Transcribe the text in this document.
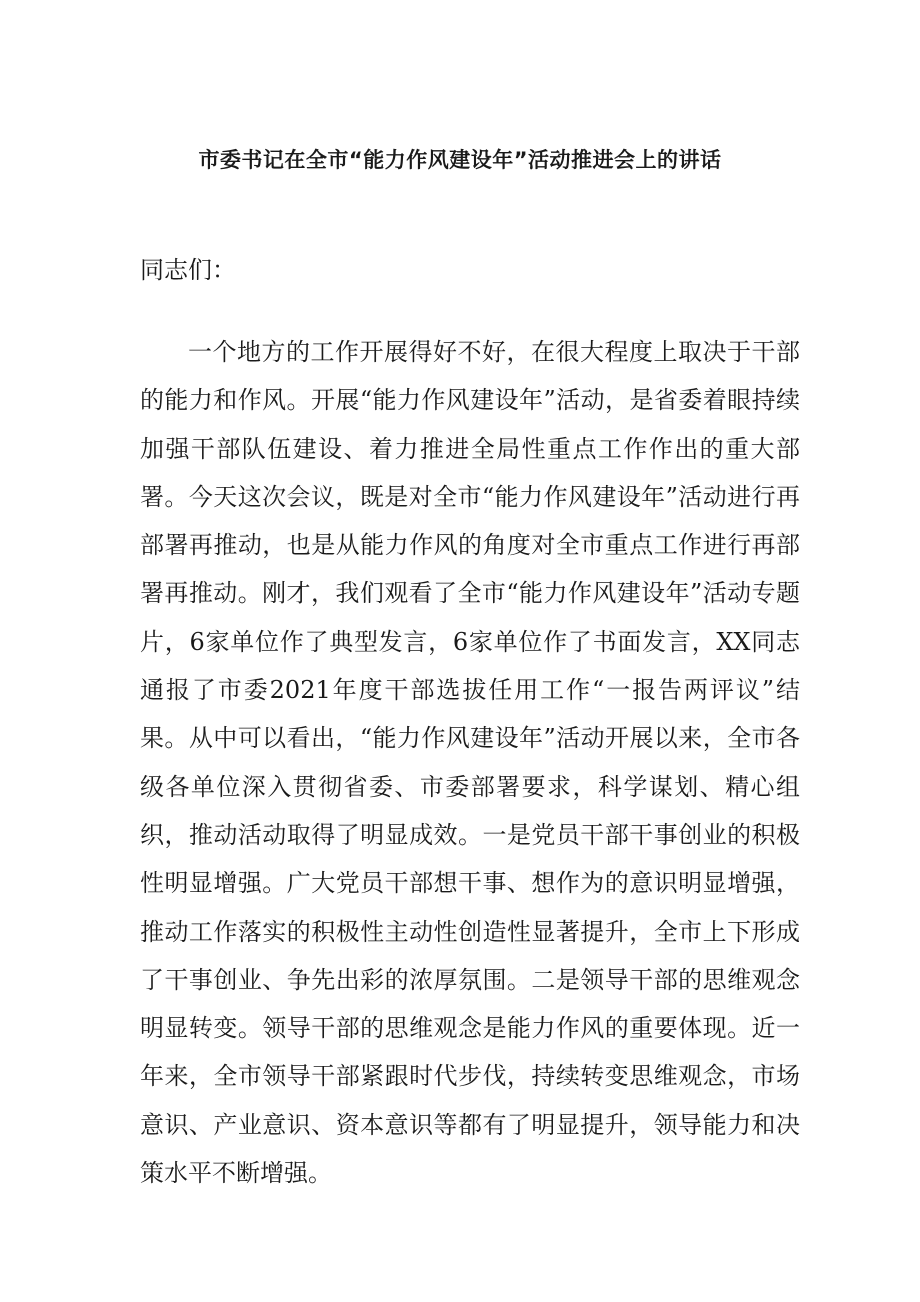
市委书记在全市“能力作风建设年”活动推进会上的讲话

同志们：

一个地方的工作开展得好不好，在很大程度上取决于干部的能力和作风。开展“能力作风建设年”活动，是省委着眼持续加强干部队伍建设、着力推进全局性重点工作作出的重大部署。今天这次会议，既是对全市“能力作风建设年”活动进行再部署再推动，也是从能力作风的角度对全市重点工作进行再部署再推动。刚才，我们观看了全市“能力作风建设年”活动专题片，6家单位作了典型发言，6家单位作了书面发言，XX同志通报了市委2021年度干部选拔任用工作“一报告两评议”结果。从中可以看出，“能力作风建设年”活动开展以来，全市各级各单位深入贯彻省委、市委部署要求，科学谋划、精心组织，推动活动取得了明显成效。一是党员干部干事创业的积极性明显增强。广大党员干部想干事、想作为的意识明显增强，推动工作落实的积极性主动性创造性显著提升，全市上下形成了干事创业、争先出彩的浓厚氛围。二是领导干部的思维观念明显转变。领导干部的思维观念是能力作风的重要体现。近一年来，全市领导干部紧跟时代步伐，持续转变思维观念，市场意识、产业意识、资本意识等都有了明显提升，领导能力和决策水平不断增强。
